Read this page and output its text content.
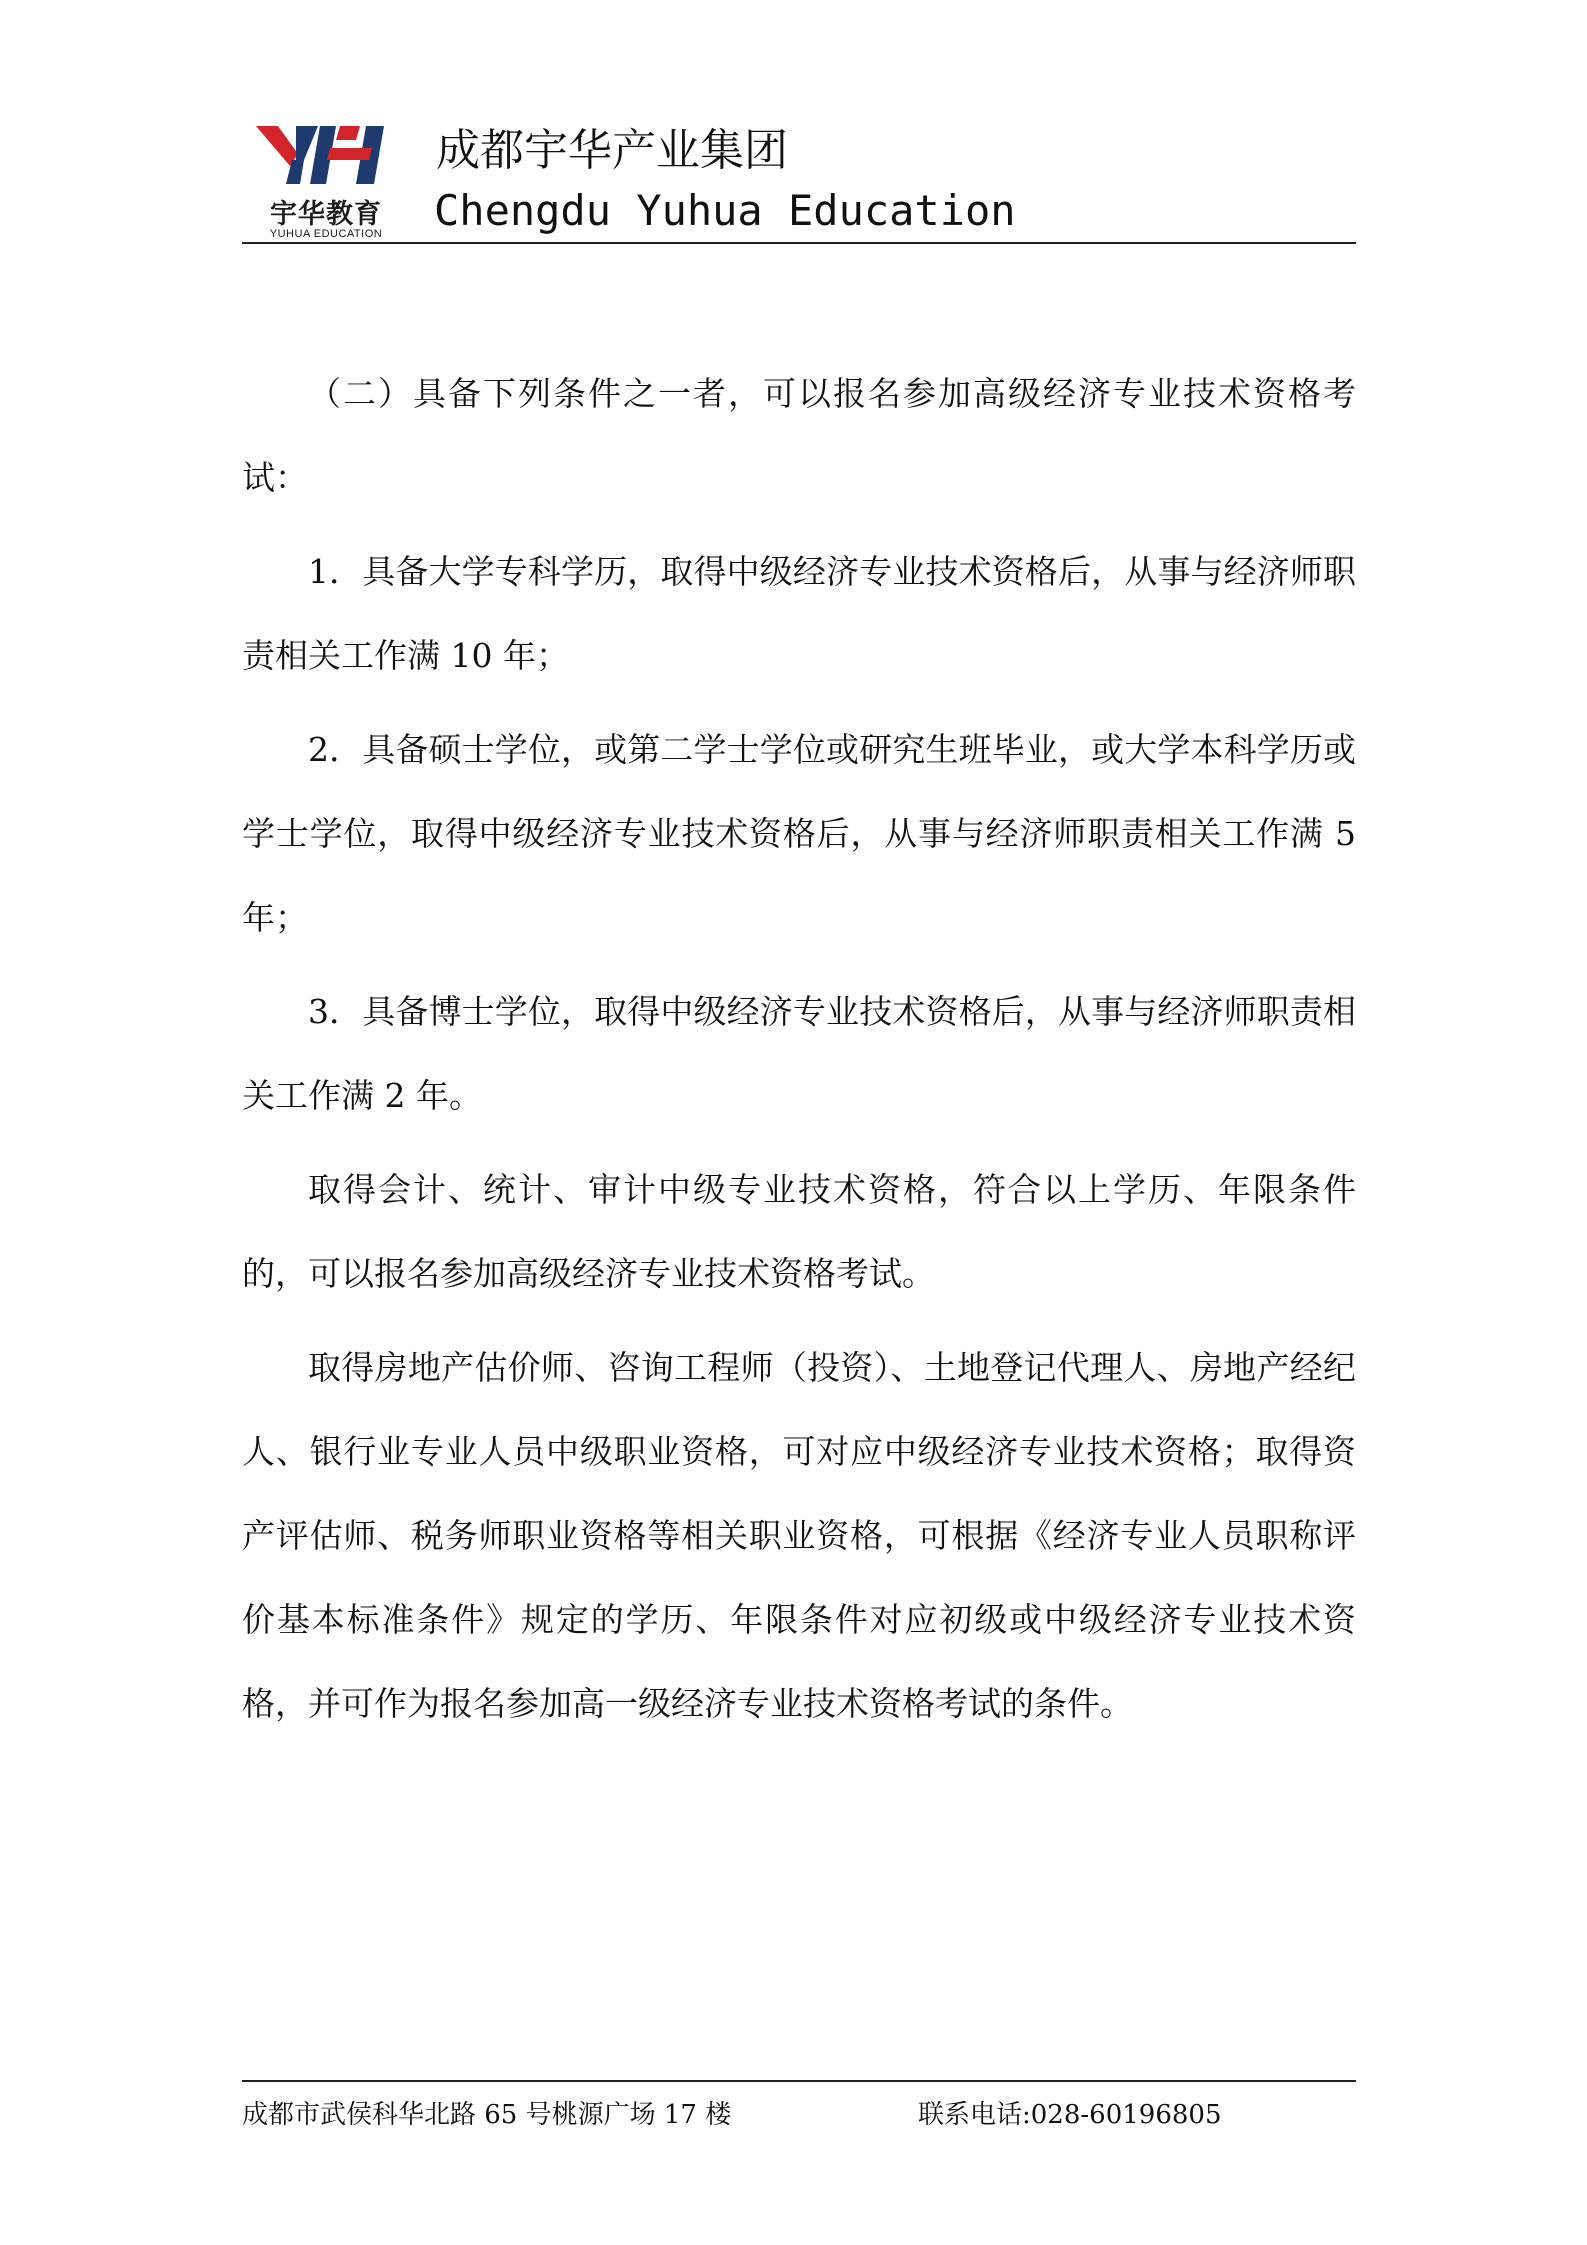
宇华教育
YUHUA EDUCATION
成都宇华产业集团
Chengdu Yuhua Education

（二）具备下列条件之一者，可以报名参加高级经济专业技术资格考试：

1．具备大学专科学历，取得中级经济专业技术资格后，从事与经济师职责相关工作满 10 年；

2．具备硕士学位，或第二学士学位或研究生班毕业，或大学本科学历或学士学位，取得中级经济专业技术资格后，从事与经济师职责相关工作满 5 年；

3．具备博士学位，取得中级经济专业技术资格后，从事与经济师职责相关工作满 2 年。

取得会计、统计、审计中级专业技术资格，符合以上学历、年限条件的，可以报名参加高级经济专业技术资格考试。

取得房地产估价师、咨询工程师（投资）、土地登记代理人、房地产经纪人、银行业专业人员中级职业资格，可对应中级经济专业技术资格；取得资产评估师、税务师职业资格等相关职业资格，可根据《经济专业人员职称评价基本标准条件》规定的学历、年限条件对应初级或中级经济专业技术资格，并可作为报名参加高一级经济专业技术资格考试的条件。

成都市武侯科华北路 65 号桃源广场 17 楼	联系电话:028-60196805
